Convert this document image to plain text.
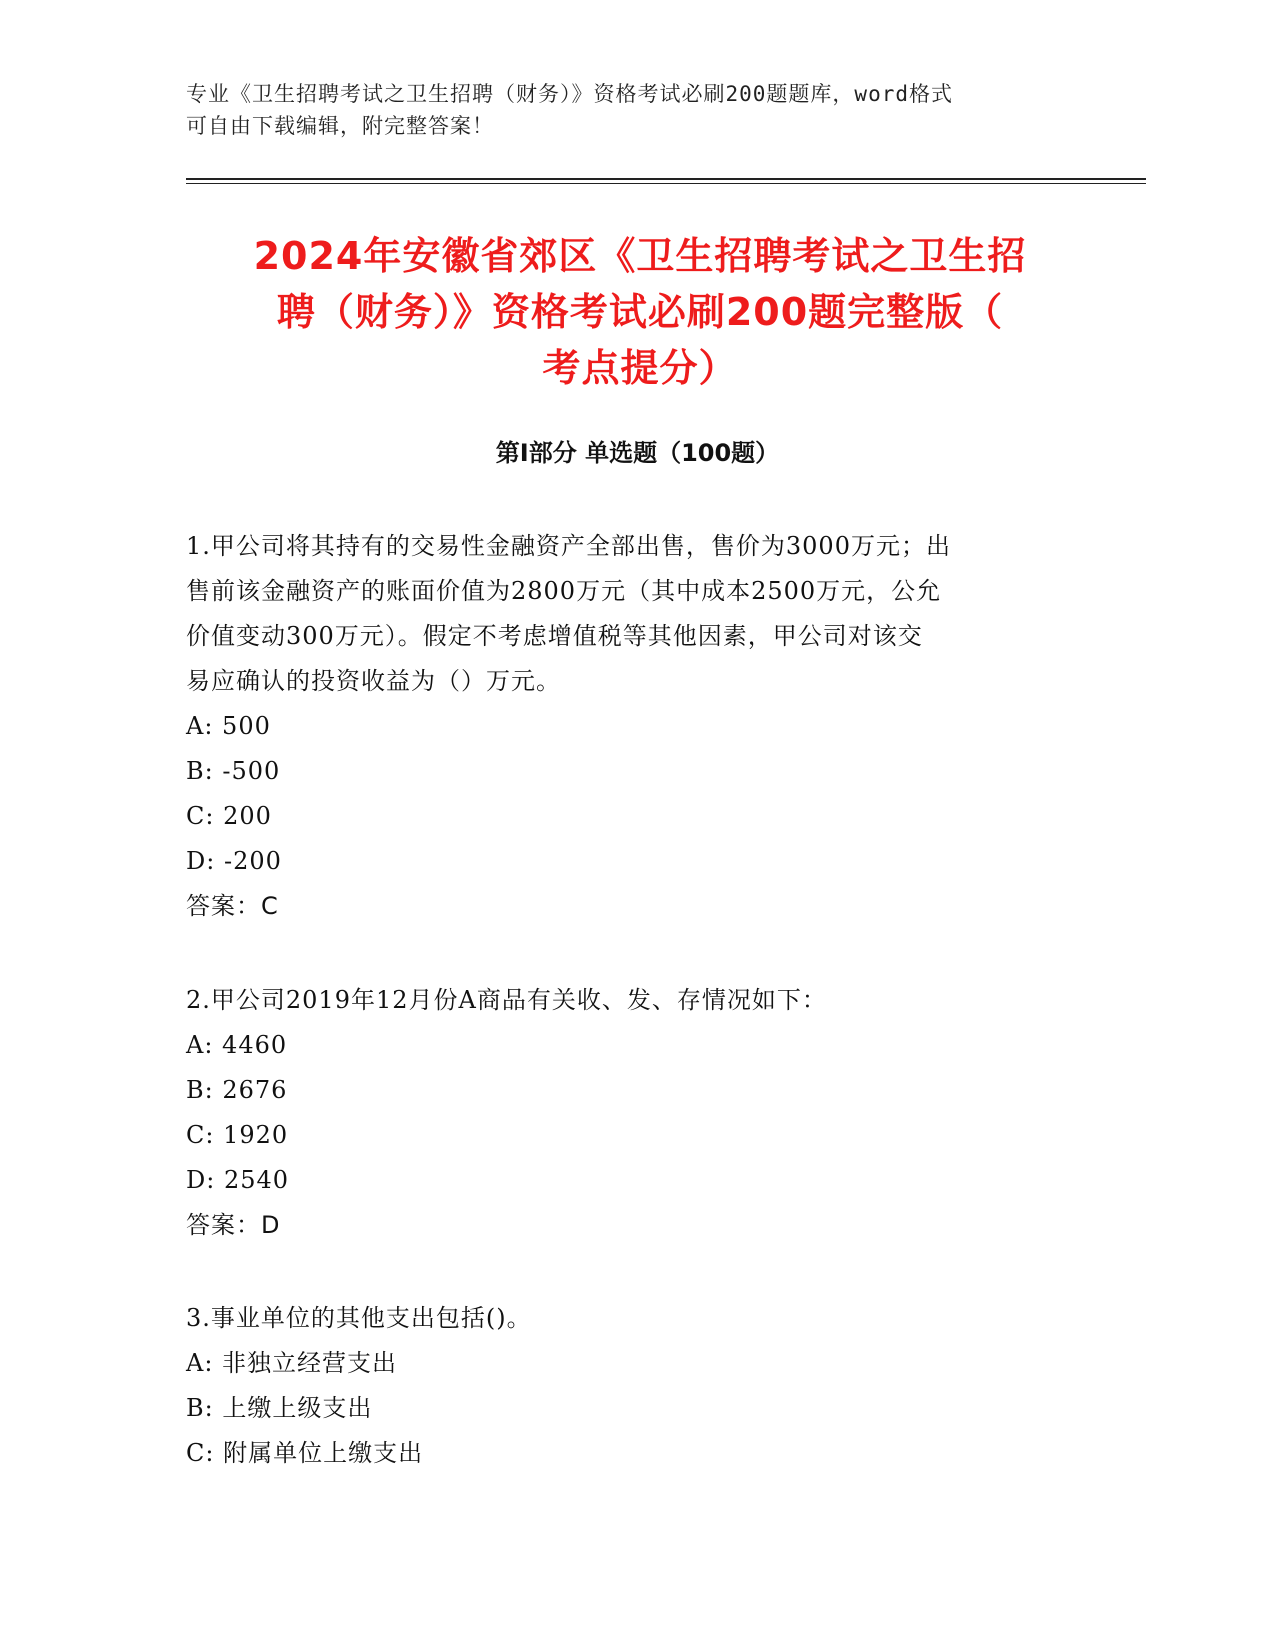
专业《卫生招聘考试之卫生招聘（财务）》资格考试必刷200题题库，word格式
可自由下载编辑，附完整答案！
2024年安徽省郊区《卫生招聘考试之卫生招
聘（财务）》资格考试必刷200题完整版（
考点提分）
第I部分 单选题（100题）

1.甲公司将其持有的交易性金融资产全部出售，售价为3000万元；出

售前该金融资产的账面价值为2800万元（其中成本2500万元，公允

价值变动300万元）。假定不考虑增值税等其他因素，甲公司对该交

易应确认的投资收益为（）万元。

A: 500

B: -500

C: 200

D: -200

答案：C

2.甲公司2019年12月份A商品有关收、发、存情况如下：

A: 4460

B: 2676

C: 1920

D: 2540

答案：D

3.事业单位的其他支出包括()。

A: 非独立经营支出

B: 上缴上级支出

C: 附属单位上缴支出
